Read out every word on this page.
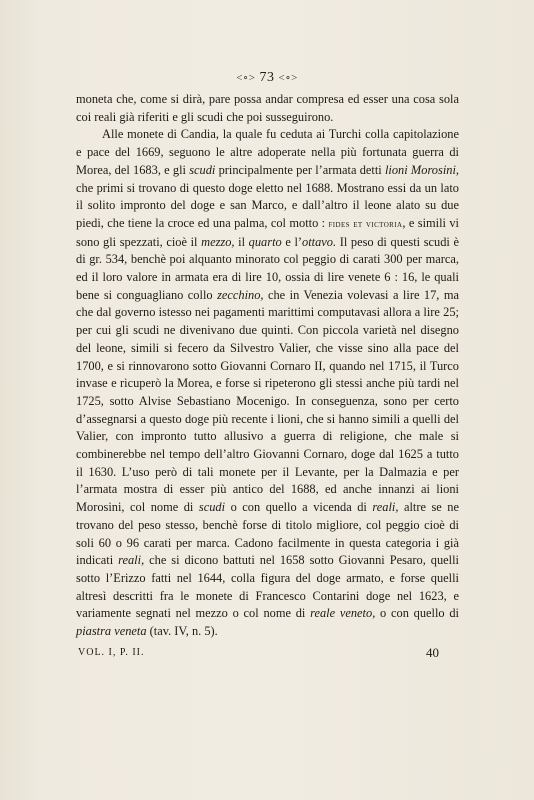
<∘> 73 <∘>

moneta che, come si dirà, pare possa andar compresa ed esser una cosa sola coi reali già riferiti e gli scudi che poi susseguirono.

Alle monete di Candia, la quale fu ceduta ai Turchi colla capitolazione e pace del 1669, seguono le altre adoperate nella più fortunata guerra di Morea, del 1683, e gli scudi principalmente per l’armata detti lioni Morosini, che primi si trovano di questo doge eletto nel 1688. Mostrano essi da un lato il solito impronto del doge e san Marco, e dall’altro il leone alato su due piedi, che tiene la croce ed una palma, col motto : fides et victoria, e simili vi sono gli spezzati, cioè il mezzo, il quarto e l’ottavo. Il peso di questi scudi è di gr. 534, benchè poi alquanto minorato col peggio di carati 300 per marca, ed il loro valore in armata era di lire 10, ossia di lire venete 6 : 16, le quali bene si conguagliano collo zecchino, che in Venezia volevasi a lire 17, ma che dal governo istesso nei pagamenti marittimi computavasi allora a lire 25; per cui gli scudi ne divenivano due quinti. Con piccola varietà nel disegno del leone, simili si fecero da Silvestro Valier, che visse sino alla pace del 1700, e si rinnovarono sotto Giovanni Cornaro II, quando nel 1715, il Turco invase e ricuperò la Morea, e forse si ripeterono gli stessi anche più tardi nel 1725, sotto Alvise Sebastiano Mocenigo. In conseguenza, sono per certo d’assegnarsi a questo doge più recente i lioni, che si hanno simili a quelli del Valier, con impronto tutto allusivo a guerra di religione, che male si combinerebbe nel tempo dell’altro Giovanni Cornaro, doge dal 1625 a tutto il 1630. L’uso però di tali monete per il Levante, per la Dalmazia e per l’armata mostra di esser più antico del 1688, ed anche innanzi ai lioni Morosini, col nome di scudi o con quello a vicenda di reali, altre se ne trovano del peso stesso, benchè forse di titolo migliore, col peggio cioè di soli 60 o 96 carati per marca. Cadono facilmente in questa categoria i già indicati reali, che si dicono battuti nel 1658 sotto Giovanni Pesaro, quelli sotto l’Erizzo fatti nel 1644, colla figura del doge armato, e forse quelli altresì descritti fra le monete di Francesco Contarini doge nel 1623, e variamente segnati nel mezzo o col nome di reale veneto, o con quello di piastra veneta (tav. IV, n. 5).

VOL. I, P. II.	40
